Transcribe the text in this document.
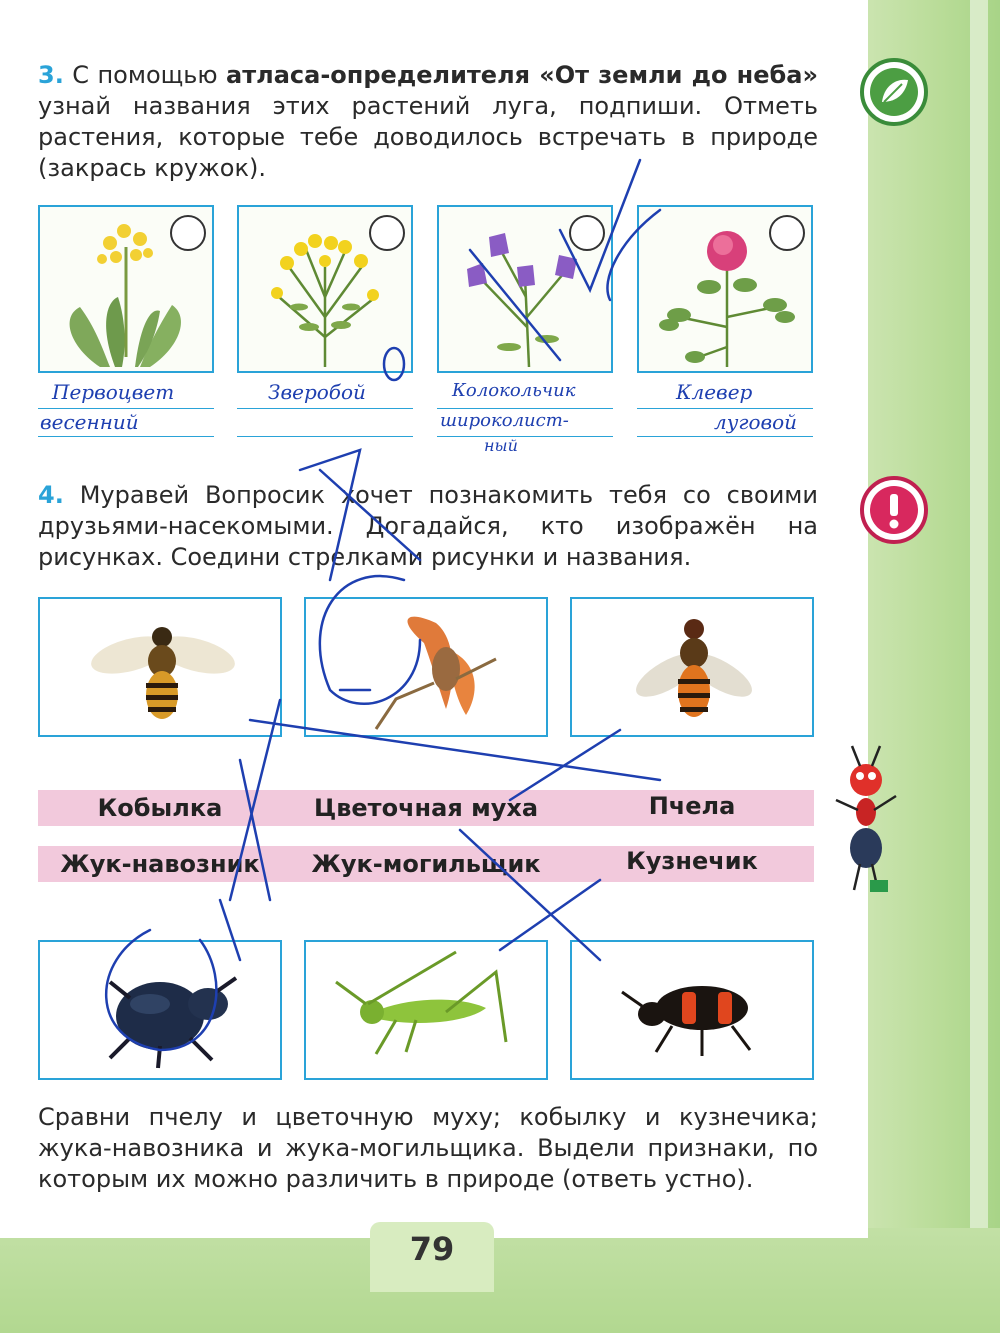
3. С помощью атласа-определителя «От земли до неба» узнай названия этих растений луга, подпиши. Отметь растения, которые тебе доводилось встречать в природе (закрась кружок).

Первоцвет
весенний
Зверобой	Колокольчик
широколист-
ный
Клевер
луговой

4. Муравей Вопросик хочет познакомить тебя со своими друзьями-насекомыми. Догадайся, кто изображён на рисунках. Соедини стрелками рисунки и названия.

Кобылка	Цветочная муха	Пчела
Жук-навозник	Жук-могильщик	Кузнечик

Сравни пчелу и цветочную муху; кобылку и кузнечика; жука-навозника и жука-могильщика. Выдели признаки, по которым их можно различить в природе (ответь устно).

79
